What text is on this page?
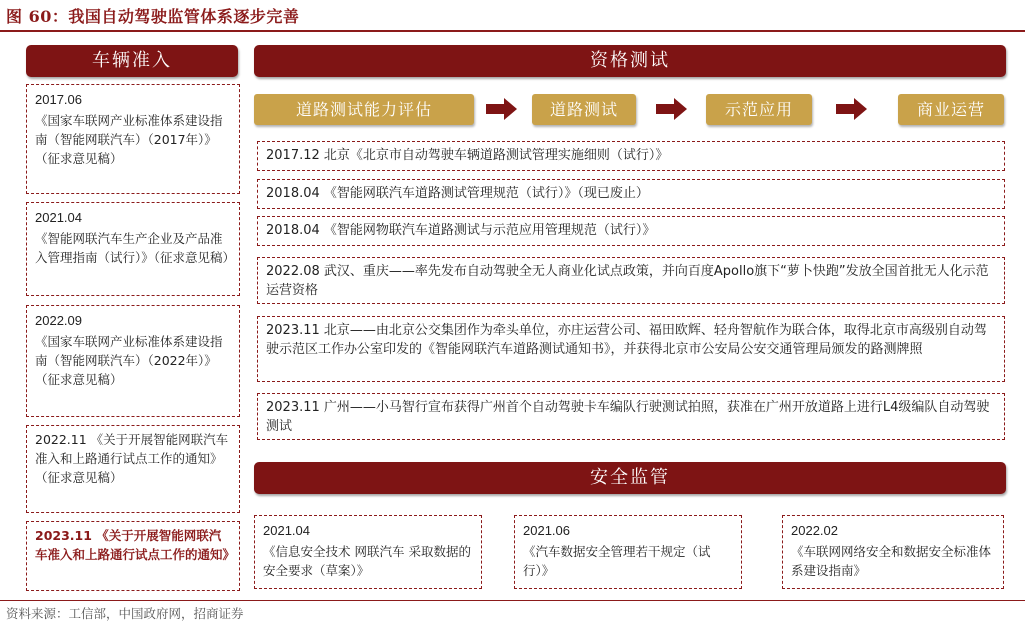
图 60：我国自动驾驶监管体系逐步完善
车辆准入
2017.06
《国家车联网产业标准体系建设指南（智能网联汽车）（2017年）》（征求意见稿）
2021.04
《智能网联汽车生产企业及产品准入管理指南（试行）》（征求意见稿）
2022.09
《国家车联网产业标准体系建设指南（智能网联汽车）（2022年）》（征求意见稿）
2022.11 《关于开展智能网联汽车准入和上路通行试点工作的通知》（征求意见稿）
2023.11 《关于开展智能网联汽车准入和上路通行试点工作的通知》
资格测试
道路测试能力评估	道路测试	示范应用	商业运营
2017.12 北京《北京市自动驾驶车辆道路测试管理实施细则（试行）》
2018.04 《智能网联汽车道路测试管理规范（试行）》（现已废止）
2018.04 《智能网物联汽车道路测试与示范应用管理规范（试行）》
2022.08 武汉、重庆——率先发布自动驾驶全无人商业化试点政策，并向百度Apollo旗下“萝卜快跑”发放全国首批无人化示范运营资格
2023.11 北京——由北京公交集团作为牵头单位，亦庄运营公司、福田欧辉、轻舟智航作为联合体，取得北京市高级别自动驾驶示范区工作办公室印发的《智能网联汽车道路测试通知书》，并获得北京市公安局公安交通管理局颁发的路测牌照
2023.11 广州——小马智行宣布获得广州首个自动驾驶卡车编队行驶测试拍照，获准在广州开放道路上进行L4级编队自动驾驶测试
安全监管
2021.04
《信息安全技术 网联汽车 采取数据的安全要求（草案）》
2021.06
《汽车数据安全管理若干规定（试行）》
2022.02
《车联网网络安全和数据安全标准体系建设指南》
资料来源：工信部，中国政府网，招商证券
